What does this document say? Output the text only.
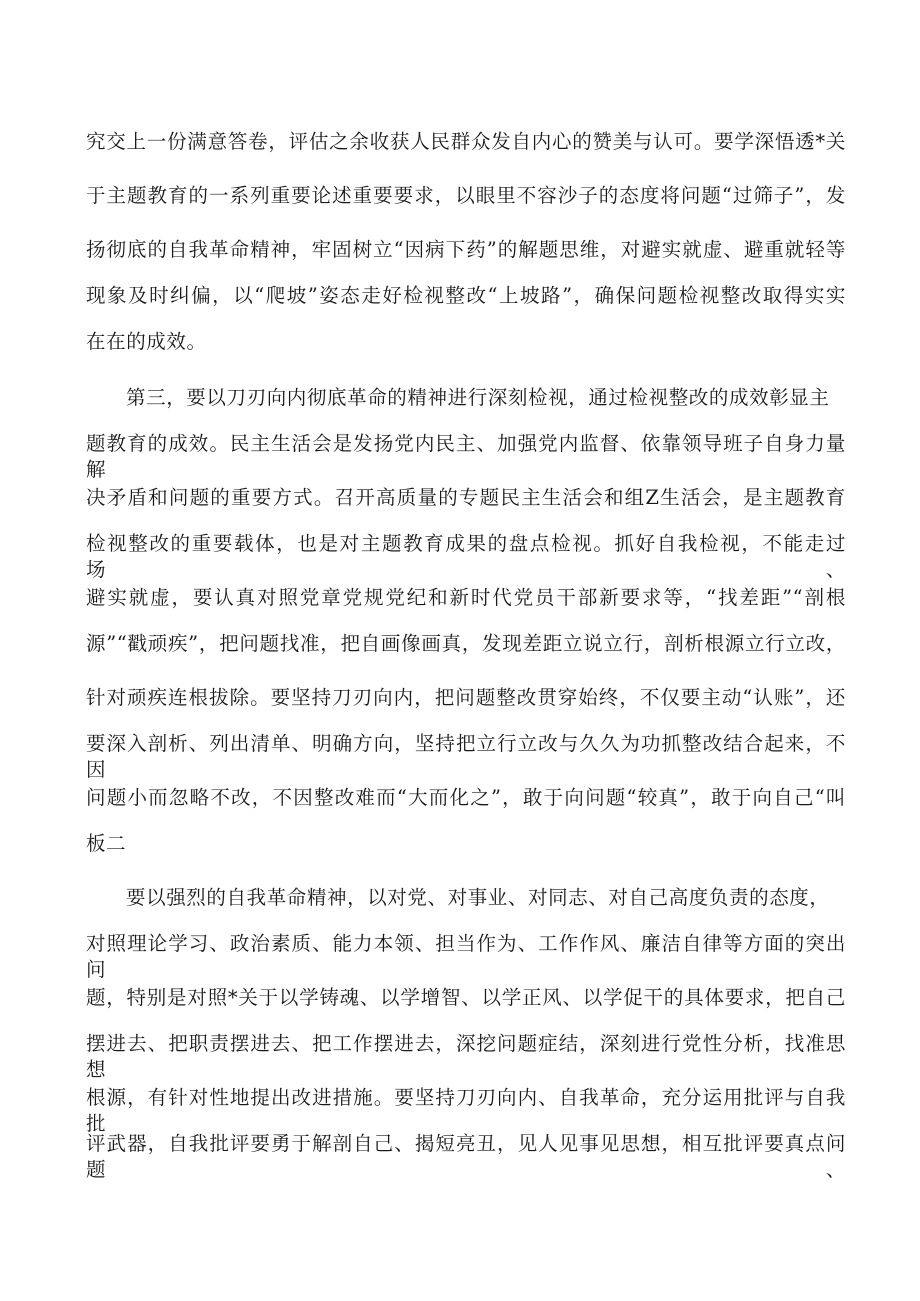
究交上一份满意答卷，评估之余收获人民群众发自内心的赞美与认可。要学深悟透*关
于主题教育的一系列重要论述重要要求，以眼里不容沙子的态度将问题“过筛子”，发
扬彻底的自我革命精神，牢固树立“因病下药”的解题思维，对避实就虚、避重就轻等
现象及时纠偏，以“爬坡”姿态走好检视整改“上坡路”，确保问题检视整改取得实实
在在的成效。
第三，要以刀刃向内彻底革命的精神进行深刻检视，通过检视整改的成效彰显主
题教育的成效。民主生活会是发扬党内民主、加强党内监督、依靠领导班子自身力量解
决矛盾和问题的重要方式。召开高质量的专题民主生活会和组Z生活会，是主题教育
检视整改的重要载体，也是对主题教育成果的盘点检视。抓好自我检视，不能走过场、
避实就虚，要认真对照党章党规党纪和新时代党员干部新要求等，“找差距”“剖根
源”“戳顽疾”，把问题找准，把自画像画真，发现差距立说立行，剖析根源立行立改，
针对顽疾连根拔除。要坚持刀刃向内，把问题整改贯穿始终，不仅要主动“认账”，还
要深入剖析、列出清单、明确方向，坚持把立行立改与久久为功抓整改结合起来，不因
问题小而忽略不改，不因整改难而“大而化之”，敢于向问题“较真”，敢于向自己“叫
板二
要以强烈的自我革命精神，以对党、对事业、对同志、对自己高度负责的态度，
对照理论学习、政治素质、能力本领、担当作为、工作作风、廉洁自律等方面的突出问
题，特别是对照*关于以学铸魂、以学增智、以学正风、以学促干的具体要求，把自己
摆进去、把职责摆进去、把工作摆进去，深挖问题症结，深刻进行党性分析，找准思想
根源，有针对性地提出改进措施。要坚持刀刃向内、自我革命，充分运用批评与自我批
评武器，自我批评要勇于解剖自己、揭短亮丑，见人见事见思想，相互批评要真点问题、
